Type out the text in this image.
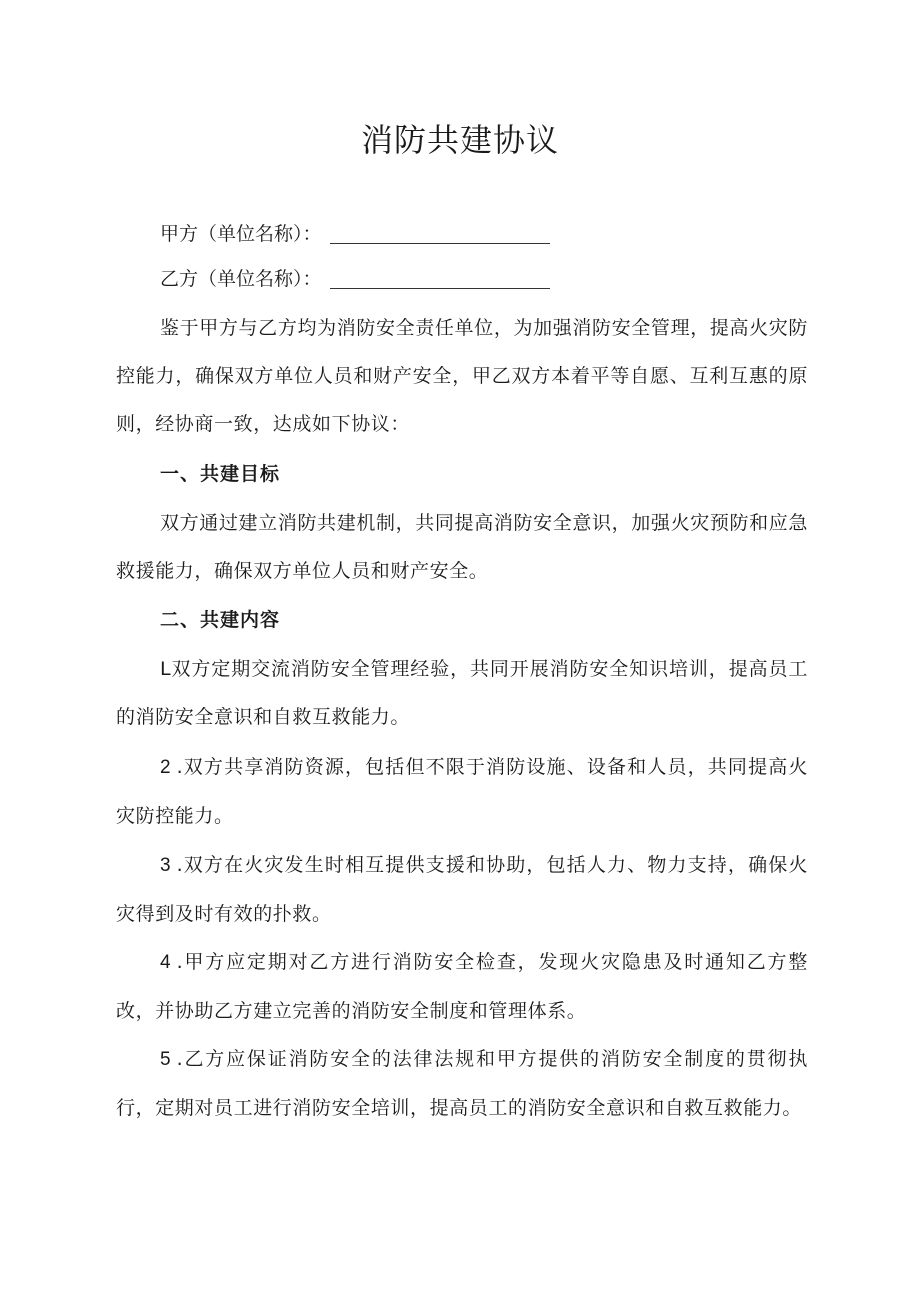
消防共建协议
甲方（单位名称）：
乙方（单位名称）：

鉴于甲方与乙方均为消防安全责任单位，为加强消防安全管理，提高火灾防控能力，确保双方单位人员和财产安全，甲乙双方本着平等自愿、互利互惠的原则，经协商一致，达成如下协议：

一、共建目标

双方通过建立消防共建机制，共同提高消防安全意识，加强火灾预防和应急救援能力，确保双方单位人员和财产安全。

二、共建内容

L双方定期交流消防安全管理经验，共同开展消防安全知识培训，提高员工的消防安全意识和自救互救能力。

2.双方共享消防资源，包括但不限于消防设施、设备和人员，共同提高火灾防控能力。

3.双方在火灾发生时相互提供支援和协助，包括人力、物力支持，确保火灾得到及时有效的扑救。

4.甲方应定期对乙方进行消防安全检查，发现火灾隐患及时通知乙方整改，并协助乙方建立完善的消防安全制度和管理体系。

5.乙方应保证消防安全的法律法规和甲方提供的消防安全制度的贯彻执行，定期对员工进行消防安全培训，提高员工的消防安全意识和自救互救能力。
